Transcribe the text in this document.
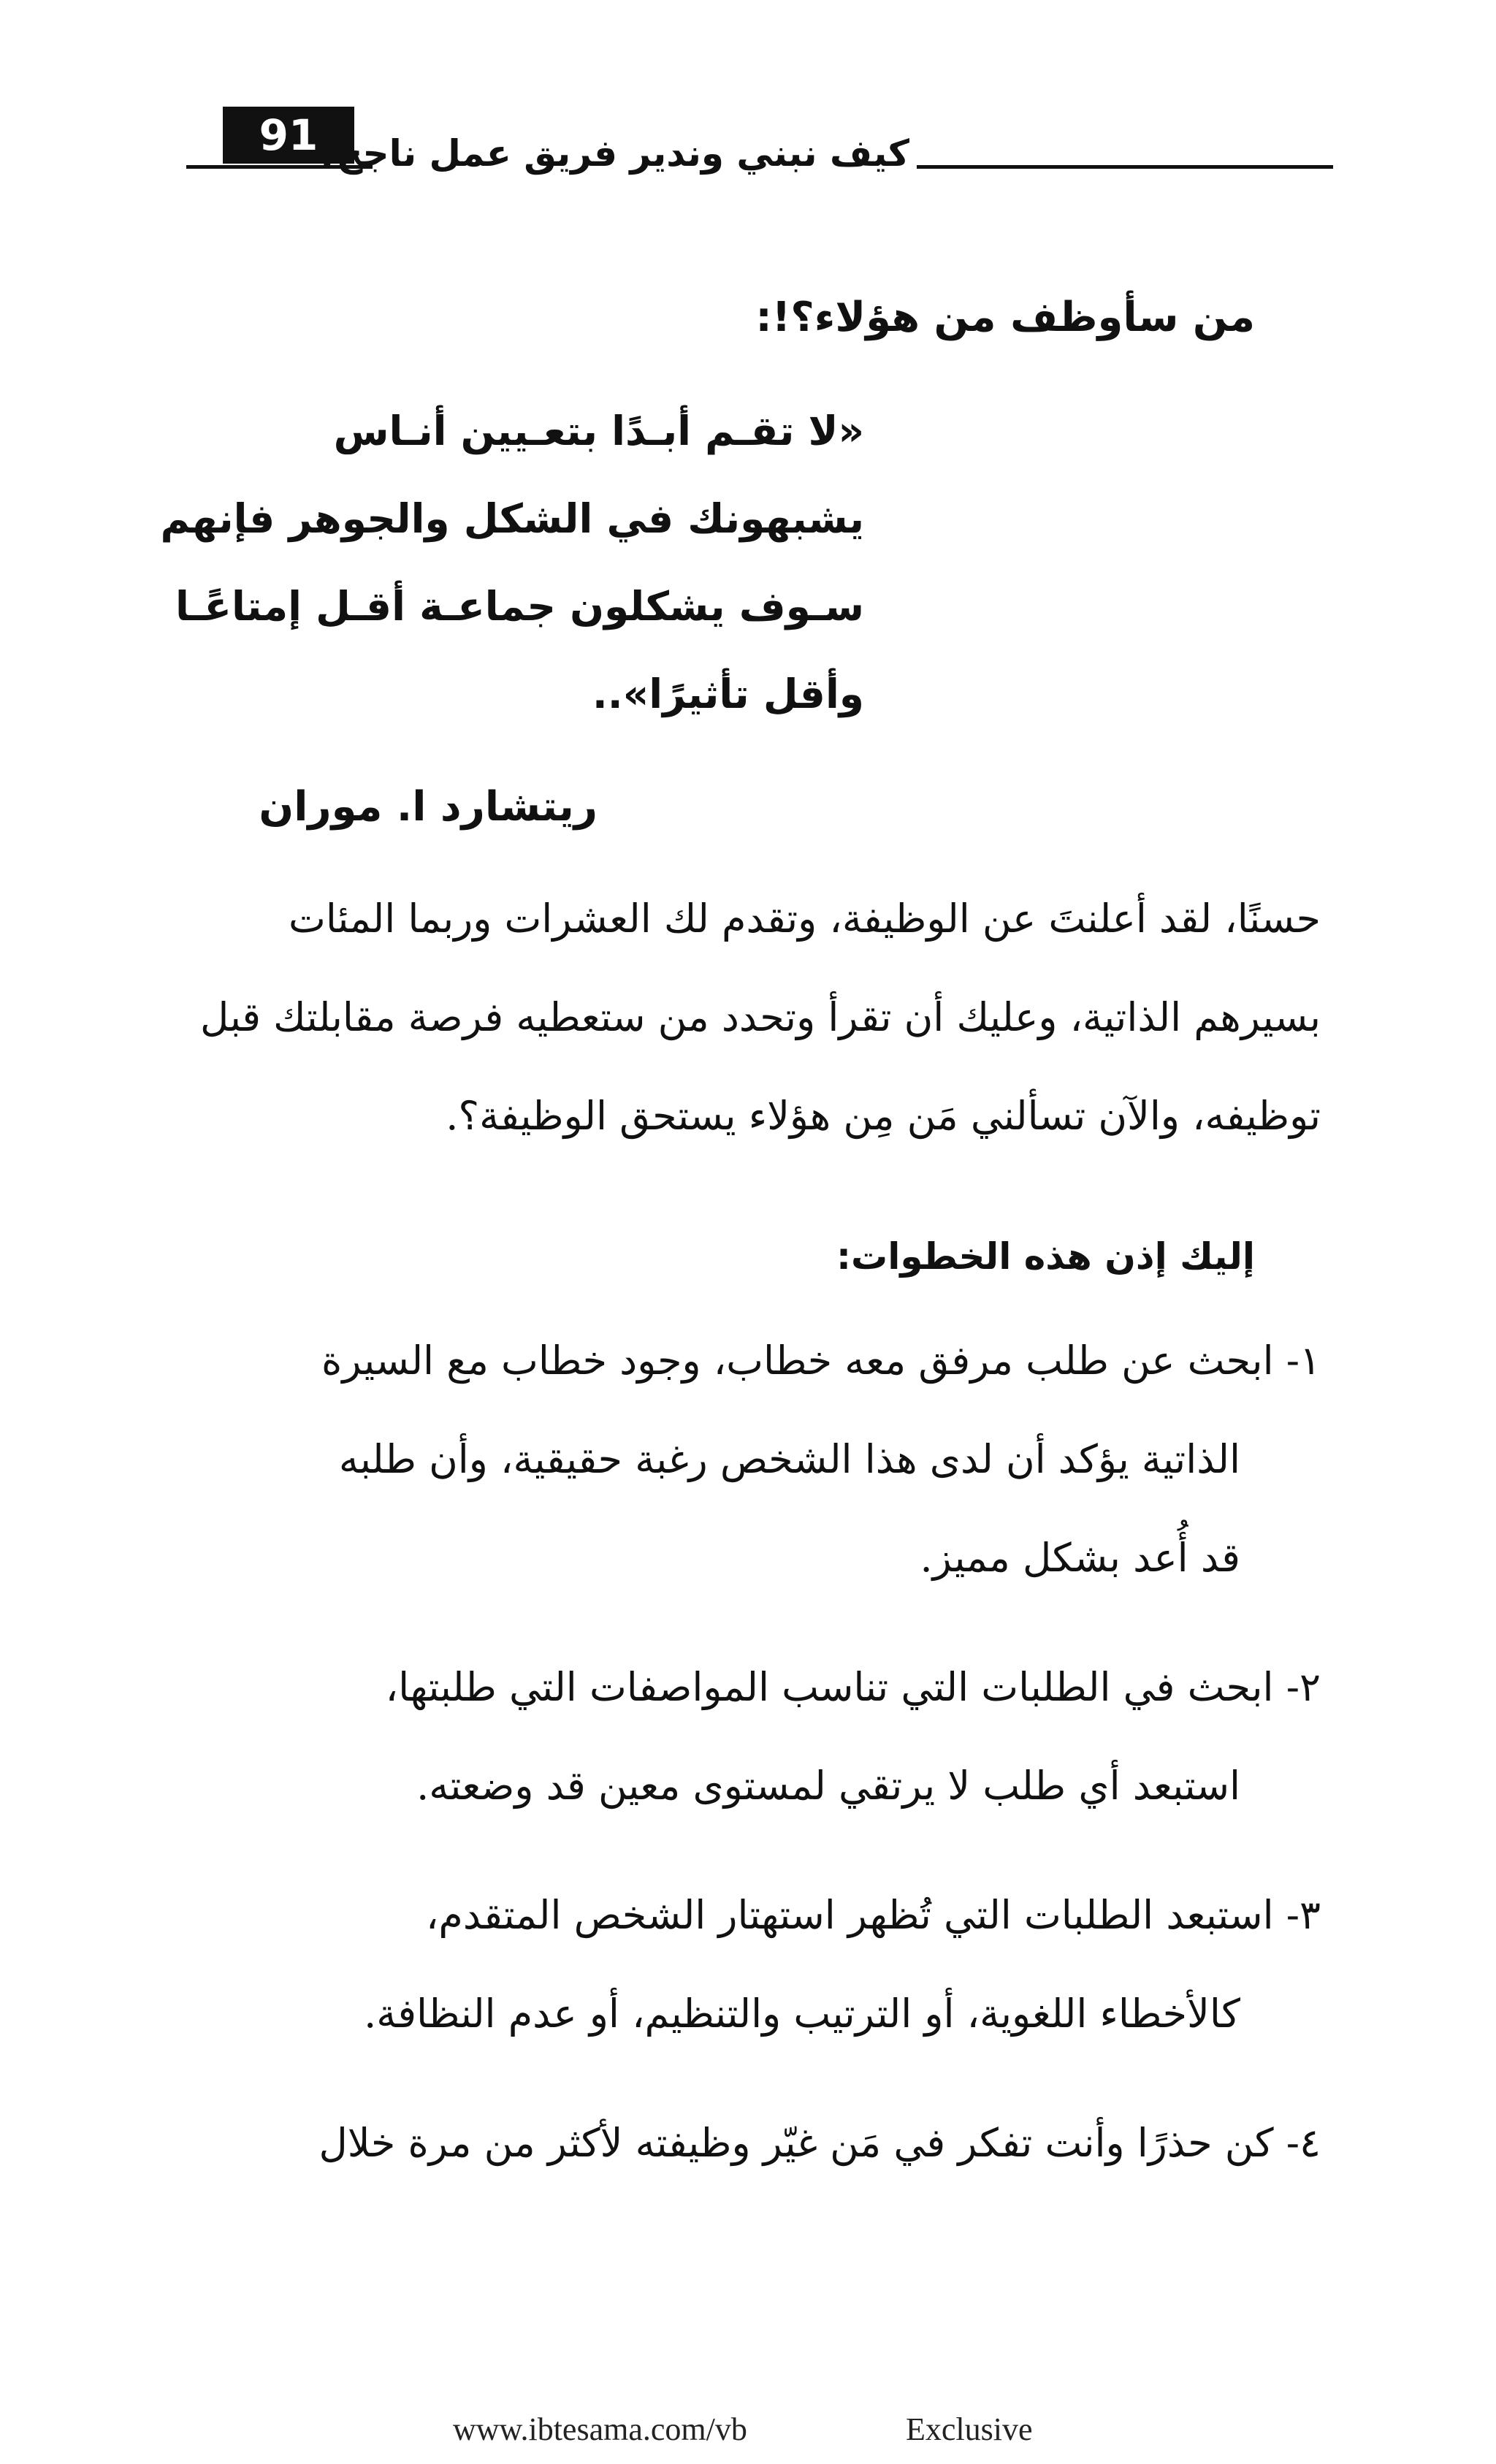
91
كيف نبني وندير فريق عمل ناجح؟
من سأوظف من هؤلاء؟!:
«لا تقـم أبـدًا بتعـيين أنـاس
يشبهونك في الشكل والجوهر فإنهم
سـوف يشكلون جماعـة أقـل إمتاعًـا
وأقل تأثيرًا»..
ريتشارد ا. موران
حسنًا، لقد أعلنتَ عن الوظيفة، وتقدم لك العشرات وربما المئات
بسيرهم الذاتية، وعليك أن تقرأ وتحدد من ستعطيه فرصة مقابلتك قبل
توظيفه، والآن تسألني مَن مِن هؤلاء يستحق الوظيفة؟.
إليك إذن هذه الخطوات:
١- ابحث عن طلب مرفق معه خطاب، وجود خطاب مع السيرة
الذاتية يؤكد أن لدى هذا الشخص رغبة حقيقية، وأن طلبه
قد أُعد بشكل مميز.
٢- ابحث في الطلبات التي تناسب المواصفات التي طلبتها،
استبعد أي طلب لا يرتقي لمستوى معين قد وضعته.
٣- استبعد الطلبات التي تُظهر استهتار الشخص المتقدم،
كالأخطاء اللغوية، أو الترتيب والتنظيم، أو عدم النظافة.
٤- كن حذرًا وأنت تفكر في مَن غيّر وظيفته لأكثر من مرة خلال
www.ibtesama.com/vb	Exclusive
